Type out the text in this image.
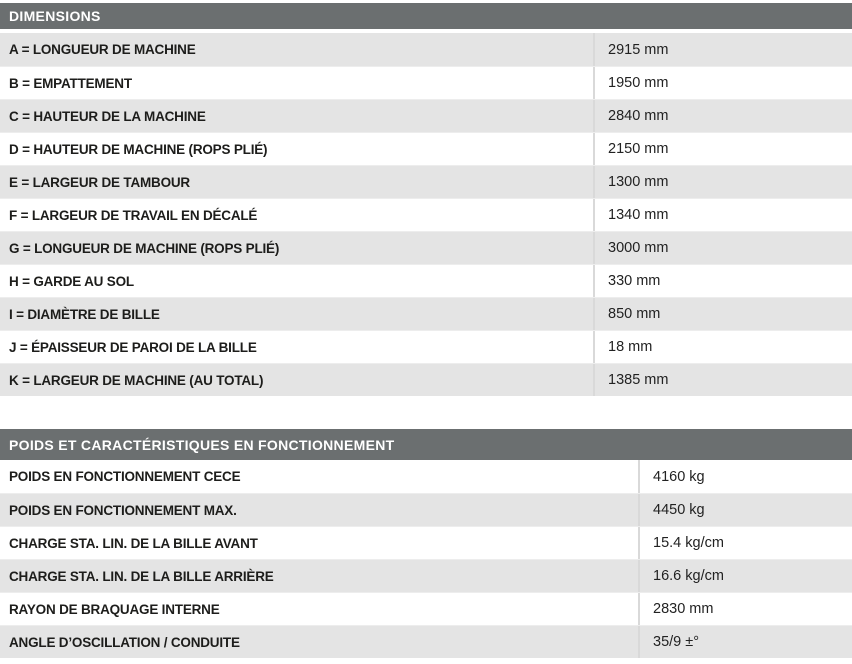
DIMENSIONS
A = LONGUEUR DE MACHINE	2915 mm
B = EMPATTEMENT	1950 mm
C = HAUTEUR DE LA MACHINE	2840 mm
D = HAUTEUR DE MACHINE (ROPS PLIÉ)	2150 mm
E = LARGEUR DE TAMBOUR	1300 mm
F = LARGEUR DE TRAVAIL EN DÉCALÉ	1340 mm
G = LONGUEUR DE MACHINE (ROPS PLIÉ)	3000 mm
H = GARDE AU SOL	330 mm
I = DIAMÈTRE DE BILLE	850 mm
J = ÉPAISSEUR DE PAROI DE LA BILLE	18 mm
K = LARGEUR DE MACHINE (AU TOTAL)	1385 mm
POIDS ET CARACTÉRISTIQUES EN FONCTIONNEMENT
POIDS EN FONCTIONNEMENT CECE	4160 kg
POIDS EN FONCTIONNEMENT MAX.	4450 kg
CHARGE STA. LIN. DE LA BILLE AVANT	15.4 kg/cm
CHARGE STA. LIN. DE LA BILLE ARRIÈRE	16.6 kg/cm
RAYON DE BRAQUAGE INTERNE	2830 mm
ANGLE D’OSCILLATION / CONDUITE	35/9 ±°
